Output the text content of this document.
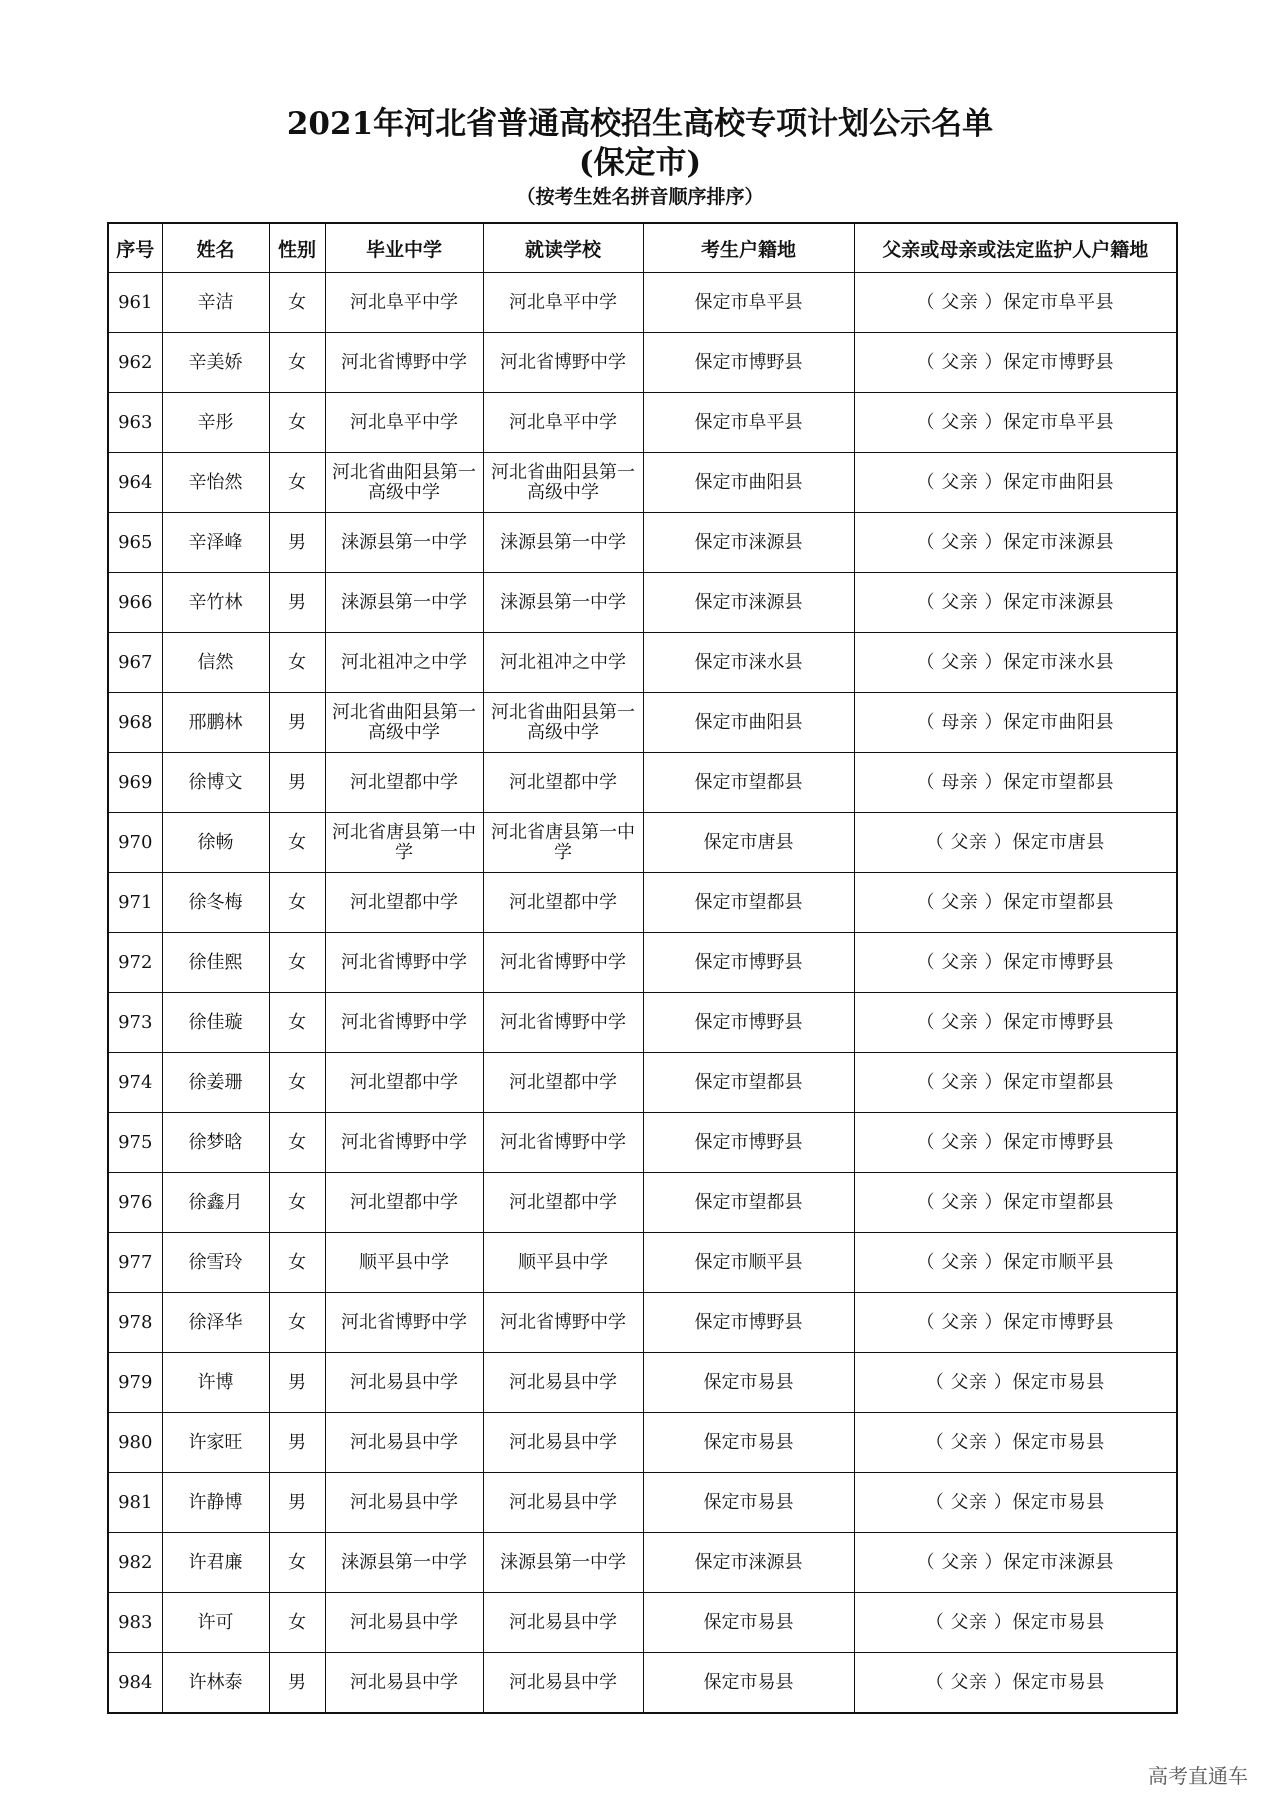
2021年河北省普通高校招生高校专项计划公示名单
(保定市)
（按考生姓名拼音顺序排序）
序号	姓名	性别	毕业中学	就读学校	考生户籍地	父亲或母亲或法定监护人户籍地
961	辛洁	女	河北阜平中学	河北阜平中学	保定市阜平县	（ 父亲 ）保定市阜平县
962	辛美娇	女	河北省博野中学	河北省博野中学	保定市博野县	（ 父亲 ）保定市博野县
963	辛彤	女	河北阜平中学	河北阜平中学	保定市阜平县	（ 父亲 ）保定市阜平县
964	辛怡然	女	河北省曲阳县第一高级中学	河北省曲阳县第一高级中学	保定市曲阳县	（ 父亲 ）保定市曲阳县
965	辛泽峰	男	涞源县第一中学	涞源县第一中学	保定市涞源县	（ 父亲 ）保定市涞源县
966	辛竹林	男	涞源县第一中学	涞源县第一中学	保定市涞源县	（ 父亲 ）保定市涞源县
967	信然	女	河北祖冲之中学	河北祖冲之中学	保定市涞水县	（ 父亲 ）保定市涞水县
968	邢鹏林	男	河北省曲阳县第一高级中学	河北省曲阳县第一高级中学	保定市曲阳县	（ 母亲 ）保定市曲阳县
969	徐博文	男	河北望都中学	河北望都中学	保定市望都县	（ 母亲 ）保定市望都县
970	徐畅	女	河北省唐县第一中学	河北省唐县第一中学	保定市唐县	（ 父亲 ）保定市唐县
971	徐冬梅	女	河北望都中学	河北望都中学	保定市望都县	（ 父亲 ）保定市望都县
972	徐佳熙	女	河北省博野中学	河北省博野中学	保定市博野县	（ 父亲 ）保定市博野县
973	徐佳璇	女	河北省博野中学	河北省博野中学	保定市博野县	（ 父亲 ）保定市博野县
974	徐姜珊	女	河北望都中学	河北望都中学	保定市望都县	（ 父亲 ）保定市望都县
975	徐梦晗	女	河北省博野中学	河北省博野中学	保定市博野县	（ 父亲 ）保定市博野县
976	徐鑫月	女	河北望都中学	河北望都中学	保定市望都县	（ 父亲 ）保定市望都县
977	徐雪玲	女	顺平县中学	顺平县中学	保定市顺平县	（ 父亲 ）保定市顺平县
978	徐泽华	女	河北省博野中学	河北省博野中学	保定市博野县	（ 父亲 ）保定市博野县
979	许博	男	河北易县中学	河北易县中学	保定市易县	（ 父亲 ）保定市易县
980	许家旺	男	河北易县中学	河北易县中学	保定市易县	（ 父亲 ）保定市易县
981	许静博	男	河北易县中学	河北易县中学	保定市易县	（ 父亲 ）保定市易县
982	许君廉	女	涞源县第一中学	涞源县第一中学	保定市涞源县	（ 父亲 ）保定市涞源县
983	许可	女	河北易县中学	河北易县中学	保定市易县	（ 父亲 ）保定市易县
984	许林泰	男	河北易县中学	河北易县中学	保定市易县	（ 父亲 ）保定市易县
高考直通车
